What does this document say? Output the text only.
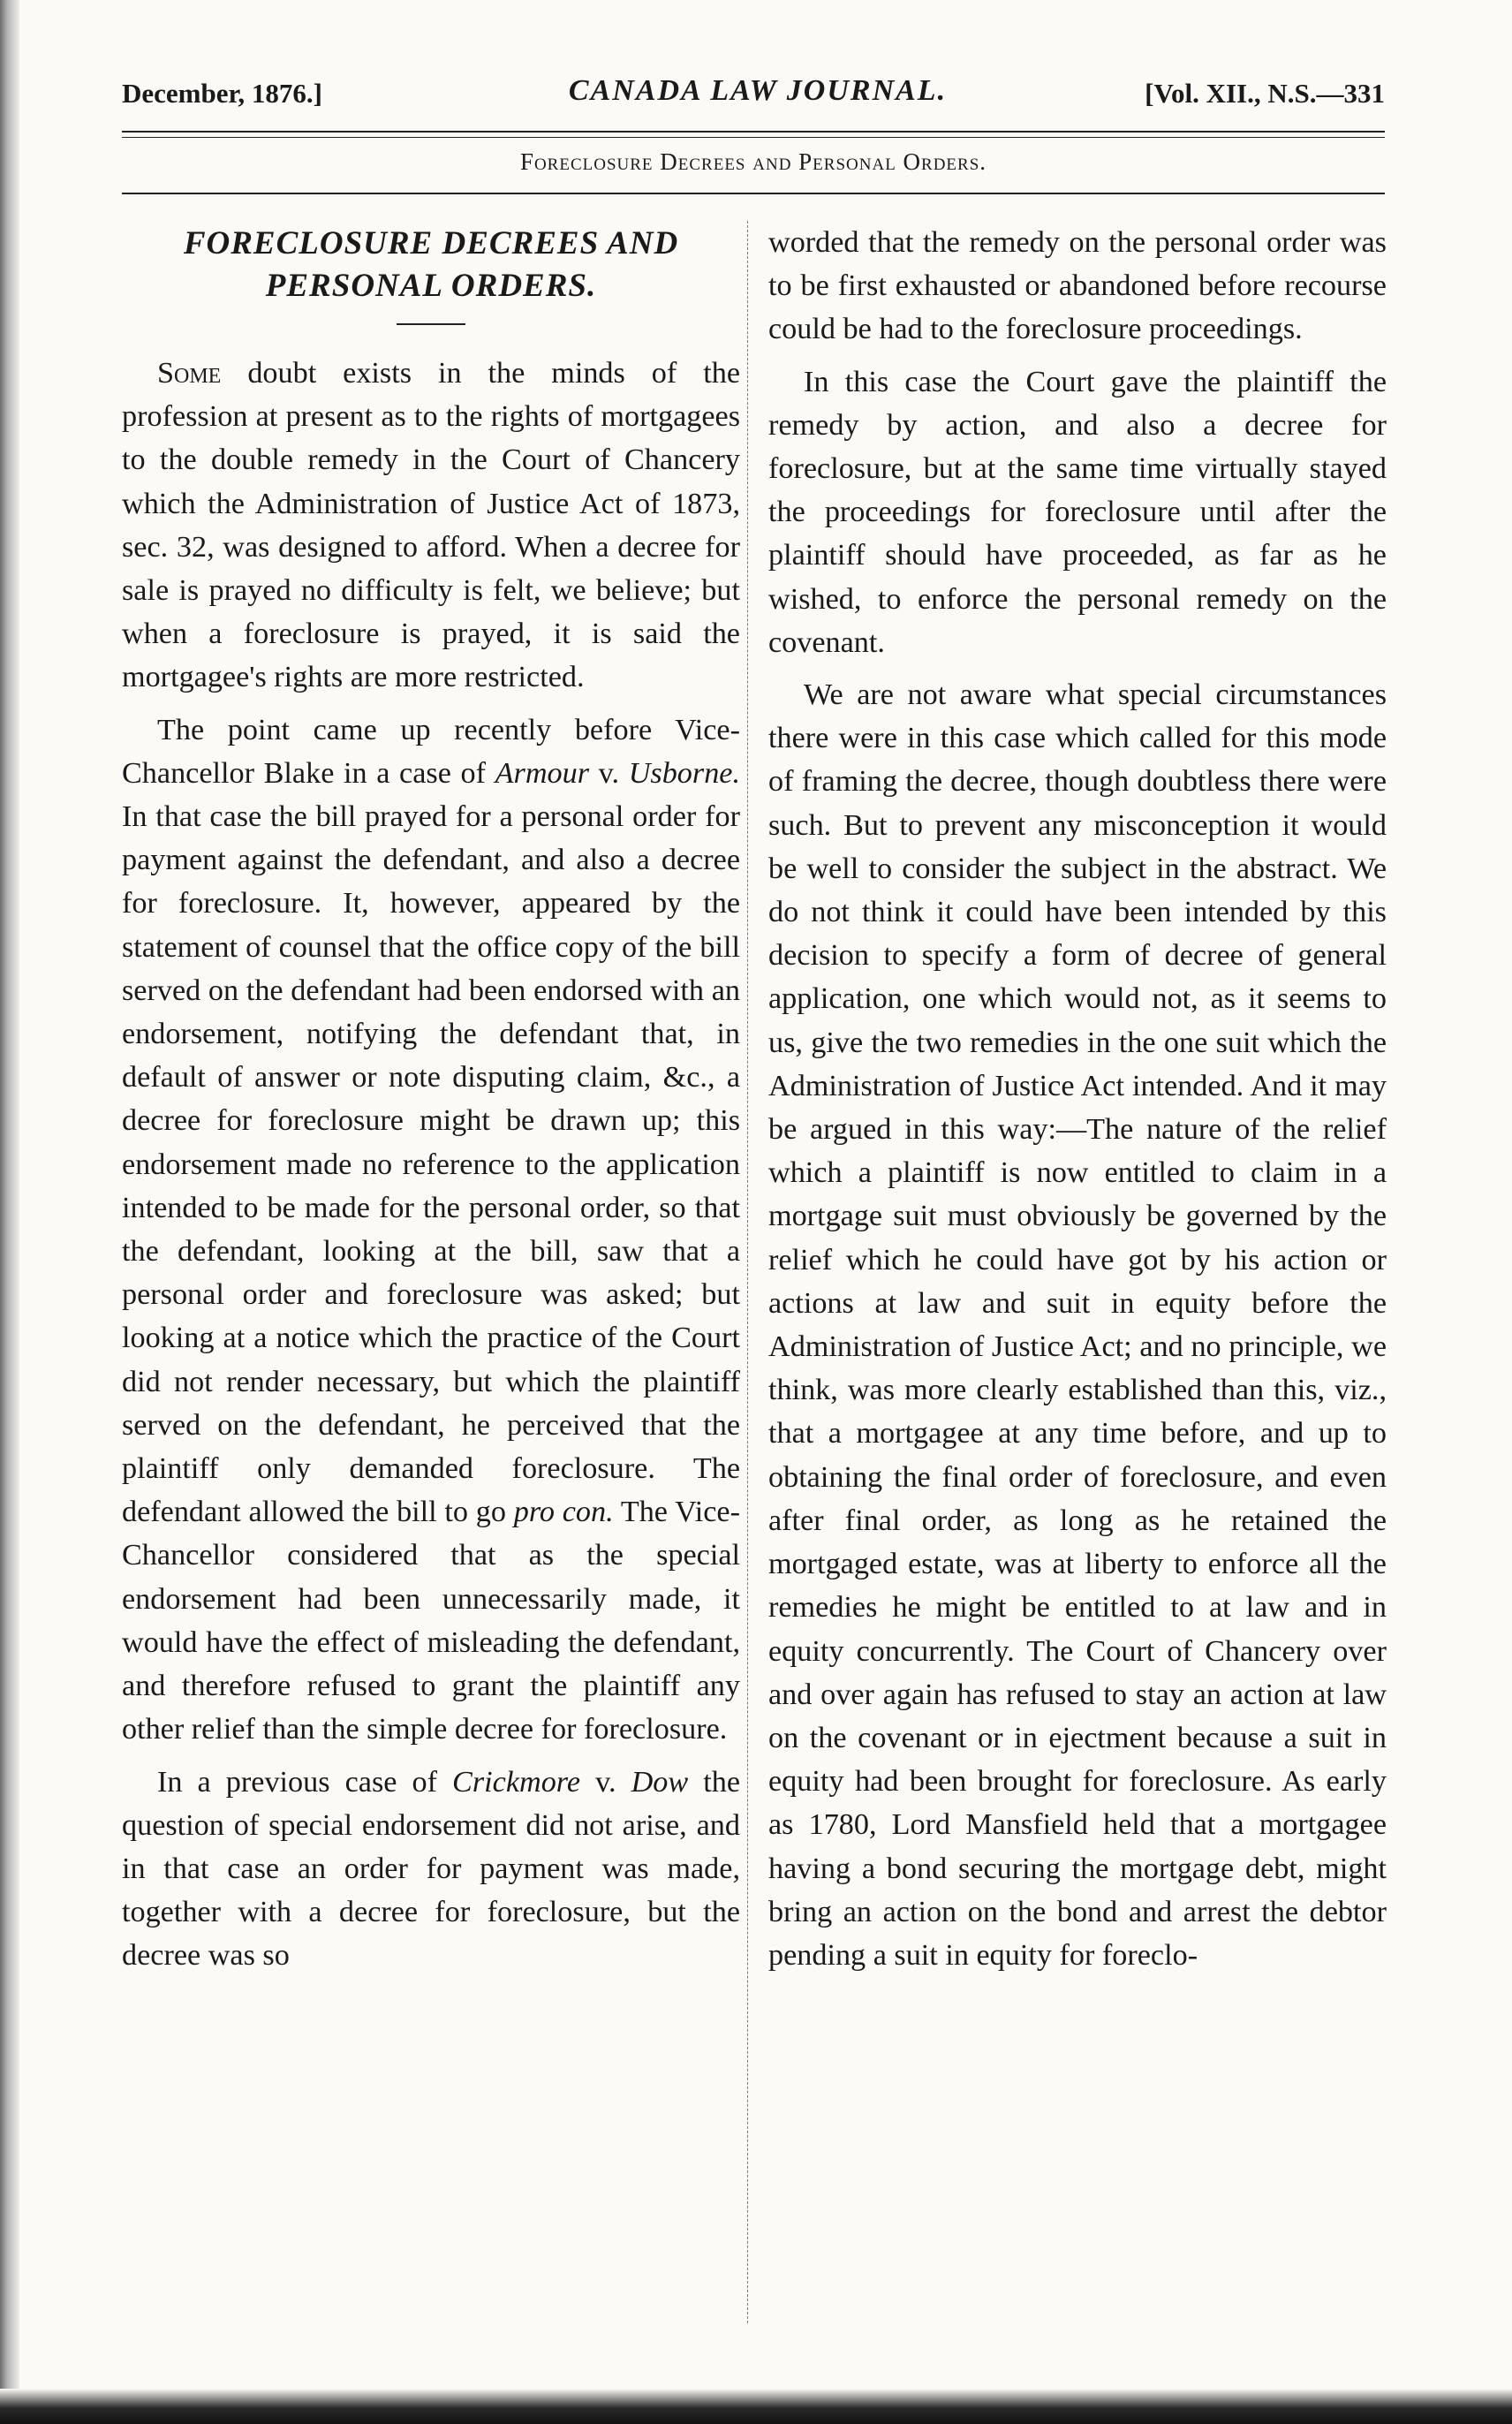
December, 1876.]	CANADA LAW JOURNAL.	[Vol. XII., N.S.—331
Foreclosure Decrees and Personal Orders.
FORECLOSURE DECREES AND
PERSONAL ORDERS.

Some doubt exists in the minds of the profession at present as to the rights of mortgagees to the double remedy in the Court of Chancery which the Administration of Justice Act of 1873, sec. 32, was designed to afford. When a decree for sale is prayed no difficulty is felt, we believe; but when a foreclosure is prayed, it is said the mortgagee's rights are more restricted.

The point came up recently before Vice-Chancellor Blake in a case of Armour v. Usborne. In that case the bill prayed for a personal order for payment against the defendant, and also a decree for foreclosure. It, however, appeared by the statement of counsel that the office copy of the bill served on the defendant had been endorsed with an endorsement, notifying the defendant that, in default of answer or note disputing claim, &c., a decree for foreclosure might be drawn up; this endorsement made no reference to the application intended to be made for the personal order, so that the defendant, looking at the bill, saw that a personal order and foreclosure was asked; but looking at a notice which the practice of the Court did not render necessary, but which the plaintiff served on the defendant, he perceived that the plaintiff only demanded foreclosure. The defendant allowed the bill to go pro con. The Vice-Chancellor considered that as the special endorsement had been unnecessarily made, it would have the effect of misleading the defendant, and therefore refused to grant the plaintiff any other relief than the simple decree for foreclosure.

In a previous case of Crickmore v. Dow the question of special endorsement did not arise, and in that case an order for payment was made, together with a decree for foreclosure, but the decree was so

worded that the remedy on the personal order was to be first exhausted or abandoned before recourse could be had to the foreclosure proceedings.

In this case the Court gave the plaintiff the remedy by action, and also a decree for foreclosure, but at the same time virtually stayed the proceedings for foreclosure until after the plaintiff should have proceeded, as far as he wished, to enforce the personal remedy on the covenant.

We are not aware what special circumstances there were in this case which called for this mode of framing the decree, though doubtless there were such. But to prevent any misconception it would be well to consider the subject in the abstract. We do not think it could have been intended by this decision to specify a form of decree of general application, one which would not, as it seems to us, give the two remedies in the one suit which the Administration of Justice Act intended. And it may be argued in this way:—The nature of the relief which a plaintiff is now entitled to claim in a mortgage suit must obviously be governed by the relief which he could have got by his action or actions at law and suit in equity before the Administration of Justice Act; and no principle, we think, was more clearly established than this, viz., that a mortgagee at any time before, and up to obtaining the final order of foreclosure, and even after final order, as long as he retained the mortgaged estate, was at liberty to enforce all the remedies he might be entitled to at law and in equity concurrently. The Court of Chancery over and over again has refused to stay an action at law on the covenant or in ejectment because a suit in equity had been brought for foreclosure. As early as 1780, Lord Mansfield held that a mortgagee having a bond securing the mortgage debt, might bring an action on the bond and arrest the debtor pending a suit in equity for foreclo-
